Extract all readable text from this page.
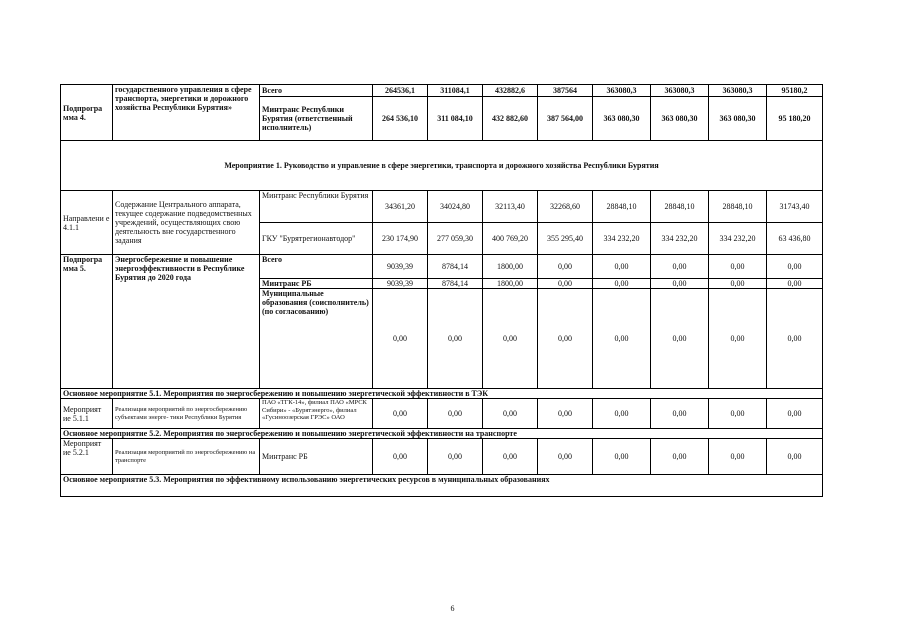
Подпрогра мма 4.	государственного управления в сфере транспорта, энергетики и дорожного хозяйства Республики Бурятия»	Всего	264536,1	311084,1	432882,6	387564	363080,3	363080,3	363080,3	95180,2
		Минтранс Республики Бурятия (ответственный исполнитель)	264 536,10	311 084,10	432 882,60	387 564,00	363 080,30	363 080,30	363 080,30	95 180,20
Мероприятие 1. Руководство и управление в сфере энергетики, транспорта и дорожного хозяйства Республики Бурятия										
Направлени е 4.1.1	Содержание Центрального аппарата, текущее содержание подведомственных учреждений, осуществляющих свою деятельность вне государственного задания	Минтранс Республики Бурятия	34361,20	34024,80	32113,40	32268,60	28848,10	28848,10	28848,10	31743,40
		ГКУ "Бурятрегионавтодор"	230 174,90	277 059,30	400 769,20	355 295,40	334 232,20	334 232,20	334 232,20	63 436,80
Подпрогра мма 5.	Энергосбережение и повышение энергоэффективности в Республике Бурятия до 2020 года	Всего	9039,39	8784,14	1800,00	0,00	0,00	0,00	0,00	0,00
		Минтранс РБ	9039,39	8784,14	1800,00	0,00	0,00	0,00	0,00	0,00
		Муниципальные образования (соисполнитель) (по согласованию)	0,00	0,00	0,00	0,00	0,00	0,00	0,00	0,00
Основное мероприятие 5.1. Мероприятия по энергосбережению и повышению энергетической эффективности в ТЭК										
Мероприят ие 5.1.1	Реализация мероприятий по энергосбережению субъектами энерге- тики Республики Бурятия	ПАО «ТГК-14», филиал ПАО «МРСК Сибири» - «Бурятэнерго», филиал «Гусиноозерская ГРЭС» ОАО	0,00	0,00	0,00	0,00	0,00	0,00	0,00	0,00
Основное мероприятие 5.2. Мероприятия по энергосбережению и повышению энергетической эффективности на транспорте										
Мероприят ие 5.2.1	Реализация мероприятий по энергосбережению на транспорте	Минтранс РБ	0,00	0,00	0,00	0,00	0,00	0,00	0,00	0,00
Основное мероприятие 5.3. Мероприятия по эффективному использованию энергетических ресурсов в муниципальных образованиях										
6
